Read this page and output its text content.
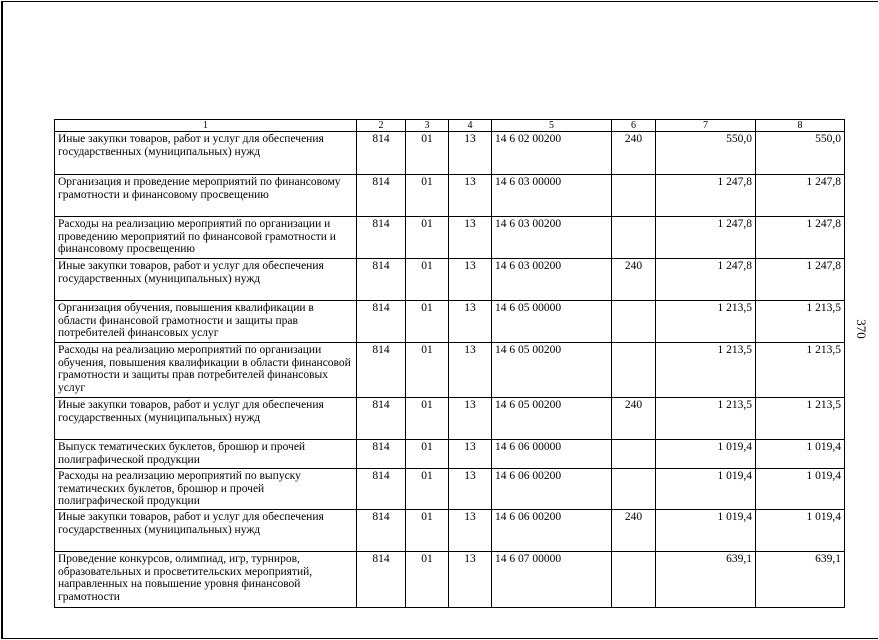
370
1	2	3	4	5	6	7	8
Иные закупки товаров, работ и услуг для обеспечения государственных (муниципальных) нужд	814	01	13	14 6 02 00200	240	550,0	550,0
Организация и проведение мероприятий по финансовому грамотности и финансовому просвещению	814	01	13	14 6 03 00000		1 247,8	1 247,8
Расходы на реализацию мероприятий по организации и проведению мероприятий по финансовой грамотности и финансовому просвещению	814	01	13	14 6 03 00200		1 247,8	1 247,8
Иные закупки товаров, работ и услуг для обеспечения государственных (муниципальных) нужд	814	01	13	14 6 03 00200	240	1 247,8	1 247,8
Организация обучения, повышения квалификации в области финансовой грамотности и защиты прав потребителей финансовых услуг	814	01	13	14 6 05 00000		1 213,5	1 213,5
Расходы на реализацию мероприятий по организации обучения, повышения квалификации в области финансовой грамотности и защиты прав потребителей финансовых услуг	814	01	13	14 6 05 00200		1 213,5	1 213,5
Иные закупки товаров, работ и услуг для обеспечения государственных (муниципальных) нужд	814	01	13	14 6 05 00200	240	1 213,5	1 213,5
Выпуск тематических буклетов, брошюр и прочей полиграфической продукции	814	01	13	14 6 06 00000		1 019,4	1 019,4
Расходы на реализацию мероприятий по выпуску тематических буклетов, брошюр и прочей полиграфической продукции	814	01	13	14 6 06 00200		1 019,4	1 019,4
Иные закупки товаров, работ и услуг для обеспечения государственных (муниципальных) нужд	814	01	13	14 6 06 00200	240	1 019,4	1 019,4
Проведение конкурсов, олимпиад, игр, турниров, образовательных и просветительских мероприятий, направленных на повышение уровня финансовой грамотности	814	01	13	14 6 07 00000		639,1	639,1
